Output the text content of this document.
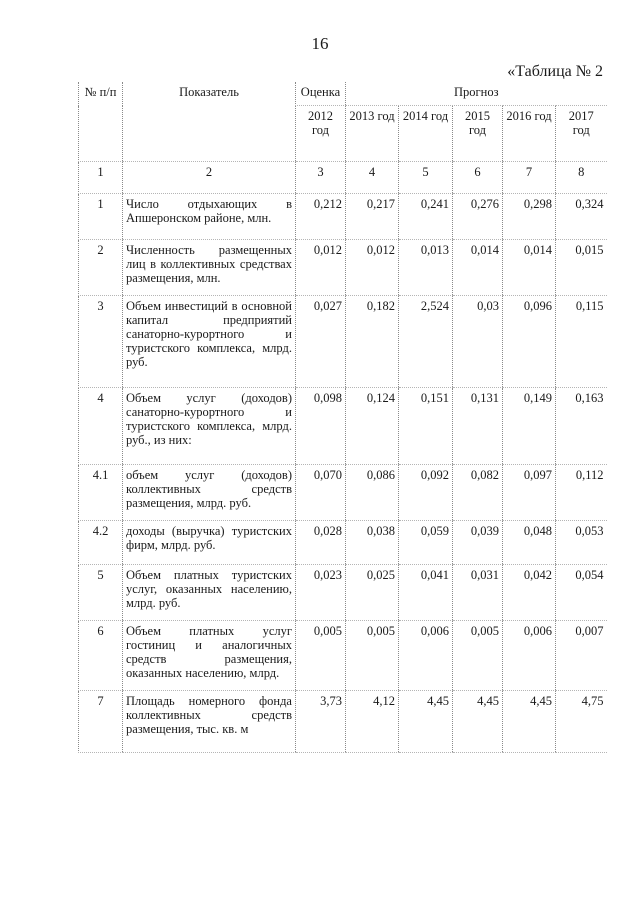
16
«Таблица № 2
№ п/п	Показатель	Оценка	Прогноз				
		2012 год	2013 год	2014 год	2015 год	2016 год	2017 год
1	2	3	4	5	6	7	8
1	Число отдыхающих в Апшеронском районе, млн.	0,212	0,217	0,241	0,276	0,298	0,324
2	Численность размещенных лиц в коллективных средствах размещения, млн.	0,012	0,012	0,013	0,014	0,014	0,015
3	Объем инвестиций в основной капитал предприятий санаторно-курортного и туристского комплекса, млрд. руб.	0,027	0,182	2,524	0,03	0,096	0,115
4	Объем услуг (доходов) санаторно-курортного и туристского комплекса, млрд. руб., из них:	0,098	0,124	0,151	0,131	0,149	0,163
4.1	объем услуг (доходов) коллективных средств размещения, млрд. руб.	0,070	0,086	0,092	0,082	0,097	0,112
4.2	доходы (выручка) туристских фирм, млрд. руб.	0,028	0,038	0,059	0,039	0,048	0,053
5	Объем платных туристских услуг, оказанных населению, млрд. руб.	0,023	0,025	0,041	0,031	0,042	0,054
6	Объем платных услуг гостиниц и аналогичных средств размещения, оказанных населению, млрд.	0,005	0,005	0,006	0,005	0,006	0,007
7	Площадь номерного фонда коллективных средств размещения, тыс. кв. м	3,73	4,12	4,45	4,45	4,45	4,75
